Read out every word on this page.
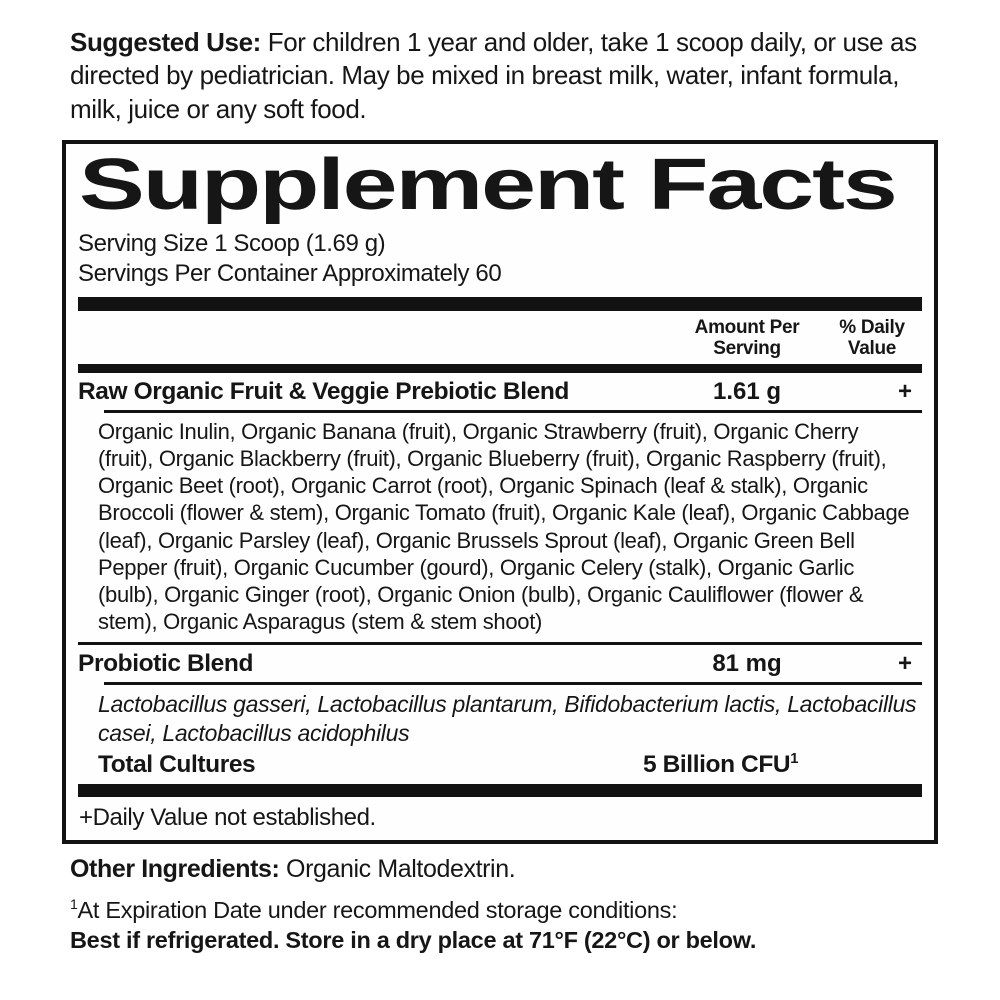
Suggested Use: For children 1 year and older, take 1 scoop daily, or use as directed by pediatrician. May be mixed in breast milk, water, infant formula, milk, juice or any soft food.

Supplement Facts
Serving Size 1 Scoop (1.69 g)
Servings Per Container Approximately 60
Amount Per Serving
% Daily Value
Raw Organic Fruit & Veggie Prebiotic Blend	1.61 g	+
Organic Inulin, Organic Banana (fruit), Organic Strawberry (fruit), Organic Cherry (fruit), Organic Blackberry (fruit), Organic Blueberry (fruit), Organic Raspberry (fruit), Organic Beet (root), Organic Carrot (root), Organic Spinach (leaf & stalk), Organic Broccoli (flower & stem), Organic Tomato (fruit), Organic Kale (leaf), Organic Cabbage (leaf), Organic Parsley (leaf), Organic Brussels Sprout (leaf), Organic Green Bell Pepper (fruit), Organic Cucumber (gourd), Organic Celery (stalk), Organic Garlic (bulb), Organic Ginger (root), Organic Onion (bulb), Organic Cauliflower (flower & stem), Organic Asparagus (stem & stem shoot)
Probiotic Blend	81 mg	+
Lactobacillus gasseri, Lactobacillus plantarum, Bifidobacterium lactis, Lactobacillus casei, Lactobacillus acidophilus
Total Cultures	5 Billion $CFU^1$
+Daily Value not established.

Other Ingredients: Organic Maltodextrin.

$^1$At Expiration Date under recommended storage conditions:
Best if refrigerated. Store in a dry place at 71°F (22°C) or below.
